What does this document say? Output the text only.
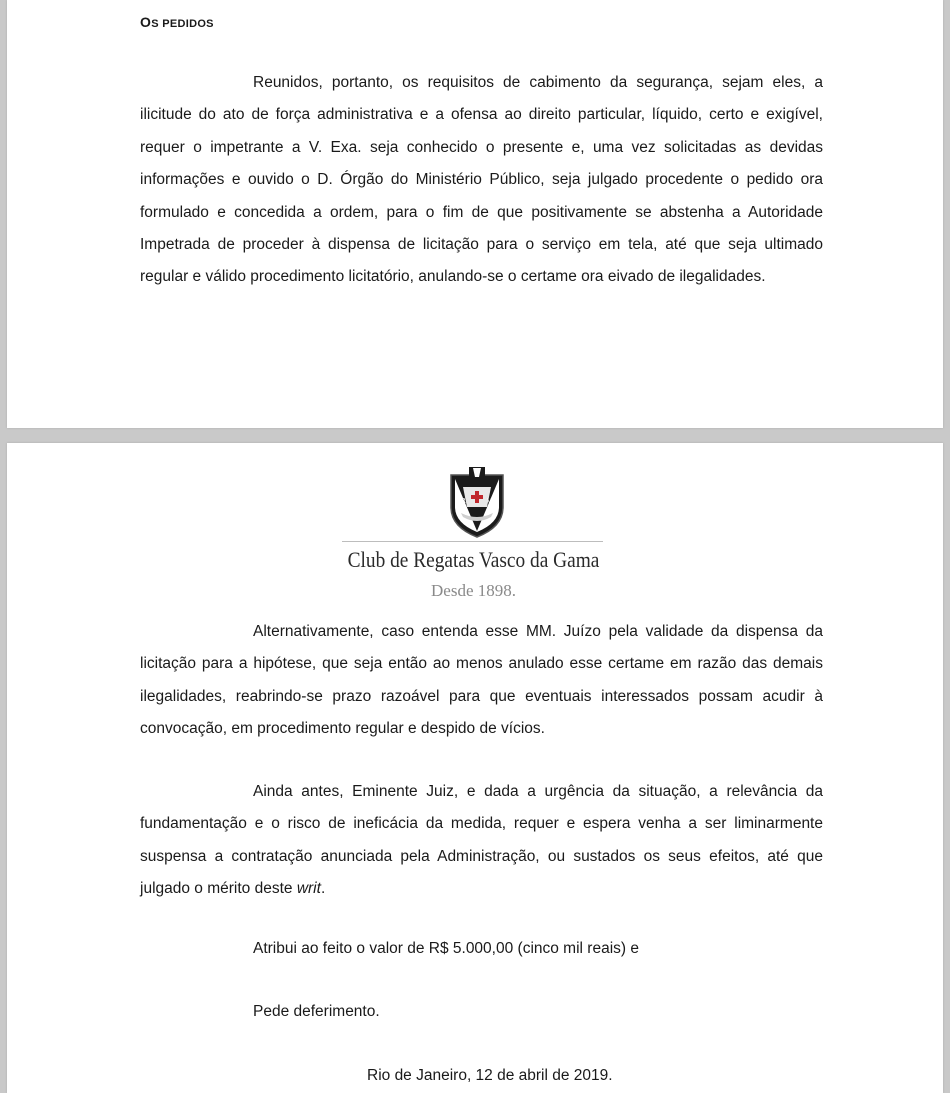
OS PEDIDOS

Reunidos, portanto, os requisitos de cabimento da segurança, sejam eles, a ilicitude do ato de força administrativa e a ofensa ao direito particular, líquido, certo e exigível, requer o impetrante a V. Exa. seja conhecido o presente e, uma vez solicitadas as devidas informações e ouvido o D. Órgão do Ministério Público, seja julgado procedente o pedido ora formulado e concedida a ordem, para o fim de que positivamente se abstenha a Autoridade Impetrada de proceder à dispensa de licitação para o serviço em tela, até que seja ultimado regular e válido procedimento licitatório, anulando-se o certame ora eivado de ilegalidades.

R	V
Club de Regatas Vasco da Gama
Desde 1898.

Alternativamente, caso entenda esse MM. Juízo pela validade da dispensa da licitação para a hipótese, que seja então ao menos anulado esse certame em razão das demais ilegalidades, reabrindo-se prazo razoável para que eventuais interessados possam acudir à convocação, em procedimento regular e despido de vícios.

Ainda antes, Eminente Juiz, e dada a urgência da situação, a relevância da fundamentação e o risco de ineficácia da medida, requer e espera venha a ser liminarmente suspensa a contratação anunciada pela Administração, ou sustados os seus efeitos, até que julgado o mérito deste writ.

Atribui ao feito o valor de R$ 5.000,00 (cinco mil reais) e
Pede deferimento.
Rio de Janeiro, 12 de abril de 2019.
